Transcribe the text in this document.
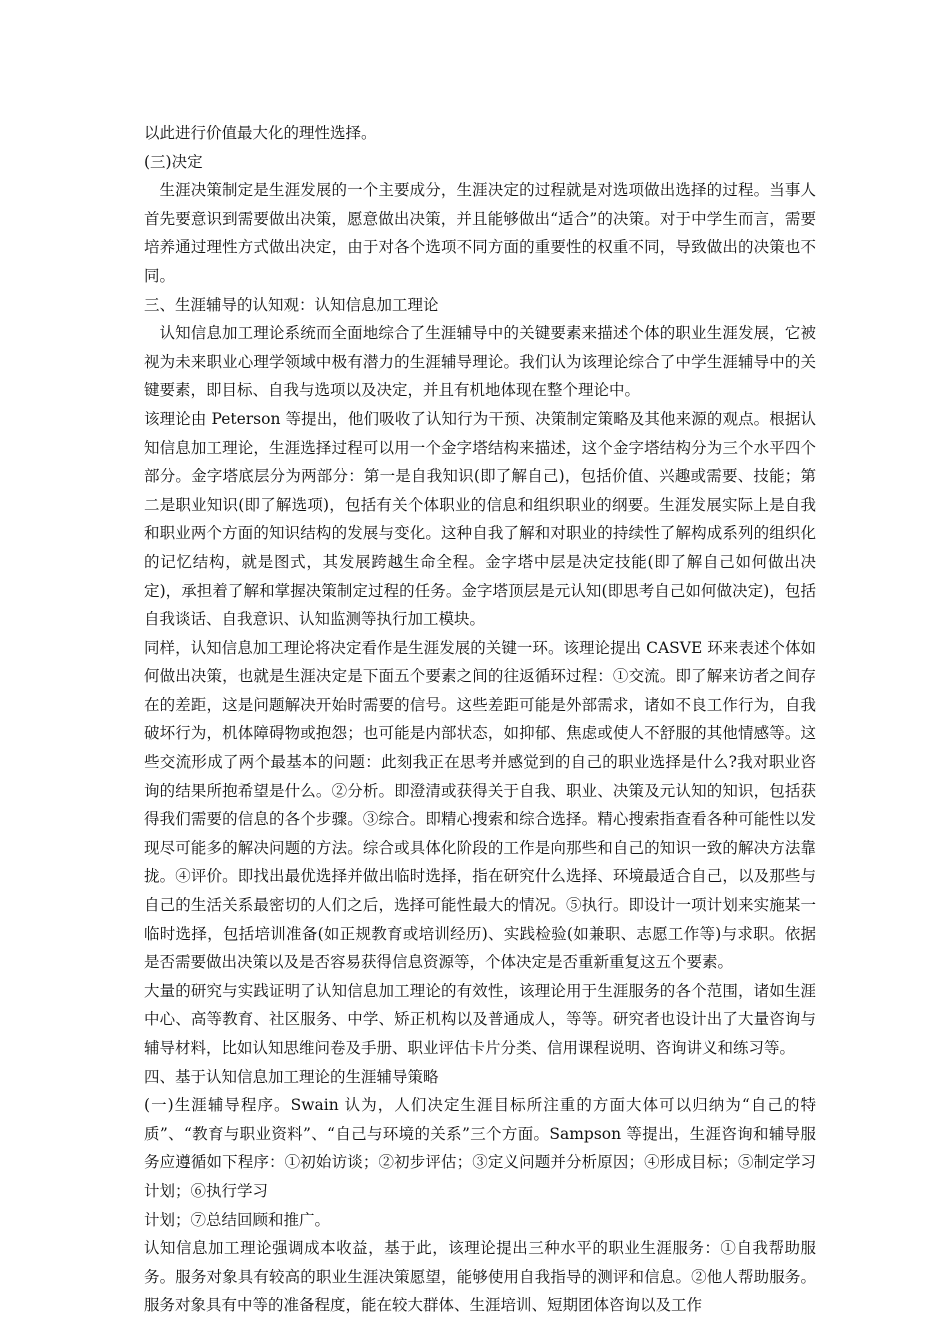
以此进行价值最大化的理性选择。

(三)决定

生涯决策制定是生涯发展的一个主要成分，生涯决定的过程就是对选项做出选择的过程。当事人首先要意识到需要做出决策，愿意做出决策，并且能够做出“适合”的决策。对于中学生而言，需要培养通过理性方式做出决定，由于对各个选项不同方面的重要性的权重不同，导致做出的决策也不同。

三、生涯辅导的认知观：认知信息加工理论

认知信息加工理论系统而全面地综合了生涯辅导中的关键要素来描述个体的职业生涯发展，它被视为未来职业心理学领域中极有潜力的生涯辅导理论。我们认为该理论综合了中学生涯辅导中的关键要素，即目标、自我与选项以及决定，并且有机地体现在整个理论中。

该理论由 Peterson 等提出，他们吸收了认知行为干预、决策制定策略及其他来源的观点。根据认知信息加工理论，生涯选择过程可以用一个金字塔结构来描述，这个金字塔结构分为三个水平四个部分。金字塔底层分为两部分：第一是自我知识(即了解自己)，包括价值、兴趣或需要、技能；第二是职业知识(即了解选项)，包括有关个体职业的信息和组织职业的纲要。生涯发展实际上是自我和职业两个方面的知识结构的发展与变化。这种自我了解和对职业的持续性了解构成系列的组织化的记忆结构，就是图式，其发展跨越生命全程。金字塔中层是决定技能(即了解自己如何做出决定)，承担着了解和掌握决策制定过程的任务。金字塔顶层是元认知(即思考自己如何做决定)，包括自我谈话、自我意识、认知监测等执行加工模块。

同样，认知信息加工理论将决定看作是生涯发展的关键一环。该理论提出 CASVE 环来表述个体如何做出决策，也就是生涯决定是下面五个要素之间的往返循环过程：①交流。即了解来访者之间存在的差距，这是问题解决开始时需要的信号。这些差距可能是外部需求，诸如不良工作行为，自我破坏行为，机体障碍物或抱怨；也可能是内部状态，如抑郁、焦虑或使人不舒服的其他情感等。这些交流形成了两个最基本的问题：此刻我正在思考并感觉到的自己的职业选择是什么?我对职业咨询的结果所抱希望是什么。②分析。即澄清或获得关于自我、职业、决策及元认知的知识，包括获得我们需要的信息的各个步骤。③综合。即精心搜索和综合选择。精心搜索指查看各种可能性以发现尽可能多的解决问题的方法。综合或具体化阶段的工作是向那些和自己的知识一致的解决方法靠拢。④评价。即找出最优选择并做出临时选择，指在研究什么选择、环境最适合自己，以及那些与自己的生活关系最密切的人们之后，选择可能性最大的情况。⑤执行。即设计一项计划来实施某一临时选择，包括培训准备(如正规教育或培训经历)、实践检验(如兼职、志愿工作等)与求职。依据是否需要做出决策以及是否容易获得信息资源等，个体决定是否重新重复这五个要素。

大量的研究与实践证明了认知信息加工理论的有效性，该理论用于生涯服务的各个范围，诸如生涯中心、高等教育、社区服务、中学、矫正机构以及普通成人，等等。研究者也设计出了大量咨询与辅导材料，比如认知思维问卷及手册、职业评估卡片分类、信用课程说明、咨询讲义和练习等。

四、基于认知信息加工理论的生涯辅导策略

(一)生涯辅导程序。Swain 认为，人们决定生涯目标所注重的方面大体可以归纳为“自己的特质”、“教育与职业资料”、“自己与环境的关系”三个方面。Sampson 等提出，生涯咨询和辅导服务应遵循如下程序：①初始访谈；②初步评估；③定义问题并分析原因；④形成目标；⑤制定学习计划；⑥执行学习

计划；⑦总结回顾和推广。

认知信息加工理论强调成本收益，基于此，该理论提出三种水平的职业生涯服务：①自我帮助服务。服务对象具有较高的职业生涯决策愿望，能够使用自我指导的测评和信息。②他人帮助服务。服务对象具有中等的准备程度，能在较大群体、生涯培训、短期团体咨询以及工作
